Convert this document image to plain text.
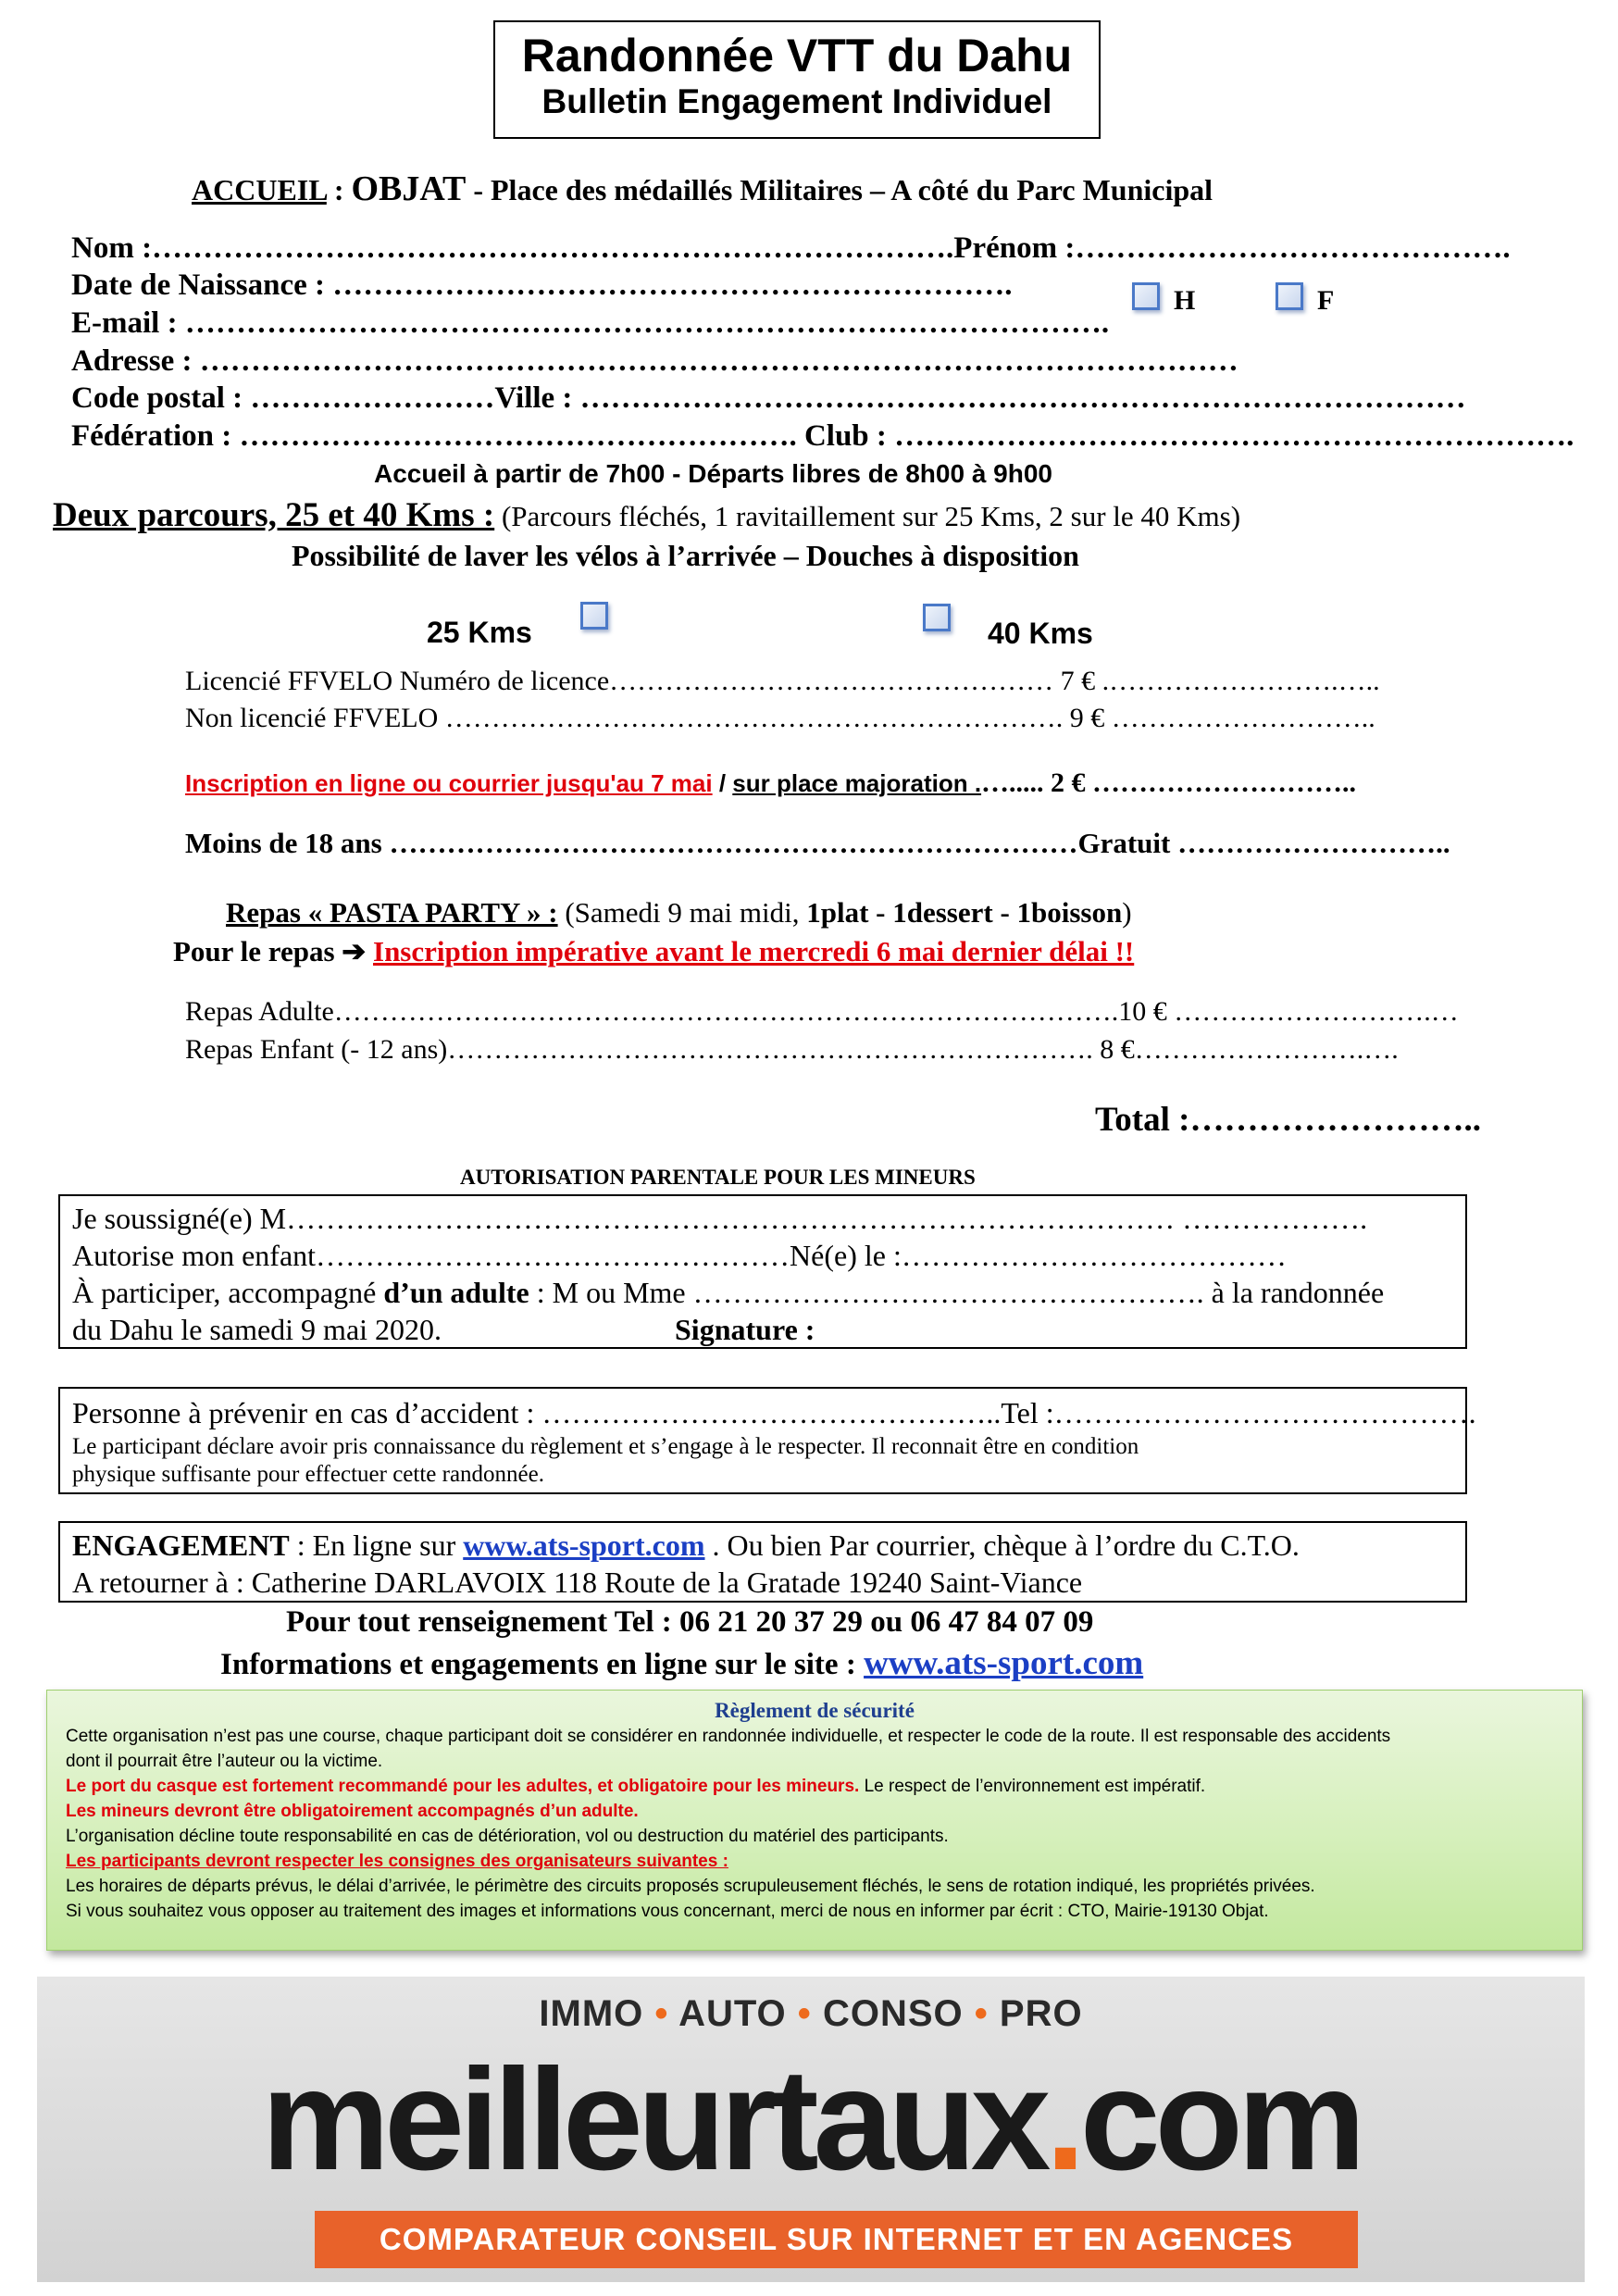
Randonnée VTT du Dahu
Bulletin Engagement Individuel
ACCUEIL : OBJAT - Place des médaillés Militaires – A côté du Parc Municipal
Nom :…………………………………………………………………….Prénom :…………………………………….
Date de Naissance : ………………………………………………………….
E-mail : ……………………………………………………………………………….
Adresse : …………………………………………………………………………………………
Code postal : ……………………Ville : ……………………………………………………………………………
Fédération : ………………………………………………. Club : ………………………………………………………….
H	F
Accueil à partir de 7h00 - Départs libres de 8h00 à 9h00
Deux parcours, 25 et 40 Kms : (Parcours fléchés, 1 ravitaillement sur 25 Kms, 2 sur le 40 Kms)
Possibilité de laver les vélos à l’arrivée – Douches à disposition
25 Kms	40 Kms
Licencié FFVELO Numéro de licence………………………………………… 7 € .…………………….…..
Non licencié FFVELO …………………………………………………………. 9 € ………………………..
Inscription en ligne ou courrier jusqu'au 7 mai / sur place majoration .…..... 2 € ………………………..
Moins de 18 ans ………………………………………………………………Gratuit ………………………..
Repas « PASTA PARTY » : (Samedi 9 mai midi, 1plat - 1dessert - 1boisson)
Pour le repas ➔ Inscription impérative avant le mercredi 6 mai dernier délai !!
Repas Adulte………………………………………………………………………….10 € ……………………….…
Repas Enfant (- 12 ans)……………………………………………………………. 8 €…………………….….
Total :……………………..
AUTORISATION PARENTALE POUR LES MINEURS
Je soussigné(e) M……………………………………………………………………………… ……………….
Autorise mon enfant…………………………………………Né(e) le :…………………………………
À participer, accompagné d’un adulte : M ou Mme ……………………………………………. à la randonnée
du Dahu le samedi 9 mai 2020.	Signature :
Personne à prévenir en cas d’accident : ………………………………………..Tel :…………………………………….
Le participant déclare avoir pris connaissance du règlement et s’engage à le respecter. Il reconnait être en condition
physique suffisante pour effectuer cette randonnée.
ENGAGEMENT : En ligne sur www.ats-sport.com . Ou bien Par courrier, chèque à l’ordre du C.T.O.
A retourner à : Catherine DARLAVOIX 118 Route de la Gratade 19240 Saint-Viance
Pour tout renseignement Tel : 06 21 20 37 29 ou 06 47 84 07 09
Informations et engagements en ligne sur le site : www.ats-sport.com
Règlement de sécurité
Cette organisation n’est pas une course, chaque participant doit se considérer en randonnée individuelle, et respecter le code de la route. Il est responsable des accidents
dont il pourrait être l’auteur ou la victime.
Le port du casque est fortement recommandé pour les adultes, et obligatoire pour les mineurs. Le respect de l’environnement est impératif.
Les mineurs devront être obligatoirement accompagnés d’un adulte.
L’organisation décline toute responsabilité en cas de détérioration, vol ou destruction du matériel des participants.
Les participants devront respecter les consignes des organisateurs suivantes :
Les horaires de départs prévus, le délai d’arrivée, le périmètre des circuits proposés scrupuleusement fléchés, le sens de rotation indiqué, les propriétés privées.
Si vous souhaitez vous opposer au traitement des images et informations vous concernant, merci de nous en informer par écrit : CTO, Mairie-19130 Objat.
IMMO • AUTO • CONSO • PRO
meilleurtaux.com
COMPARATEUR CONSEIL SUR INTERNET ET EN AGENCES
